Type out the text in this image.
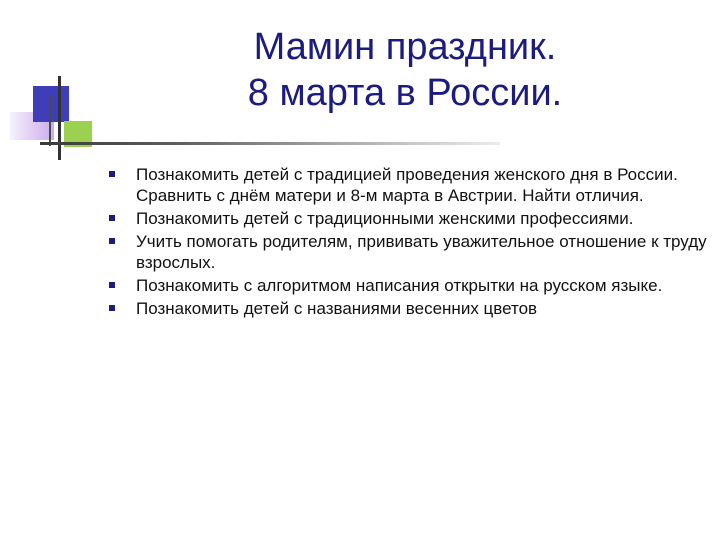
Мамин праздник.
8 марта в России.
Познакомить детей с традицией проведения женского дня в России. Сравнить с днём матери и 8-м марта в Австрии. Найти отличия.
Познакомить детей с традиционными женскими профессиями.
Учить помогать родителям, прививать уважительное отношение к труду взрослых.
Познакомить с алгоритмом написания открытки на русском языке.
Познакомить детей с названиями весенних цветов
